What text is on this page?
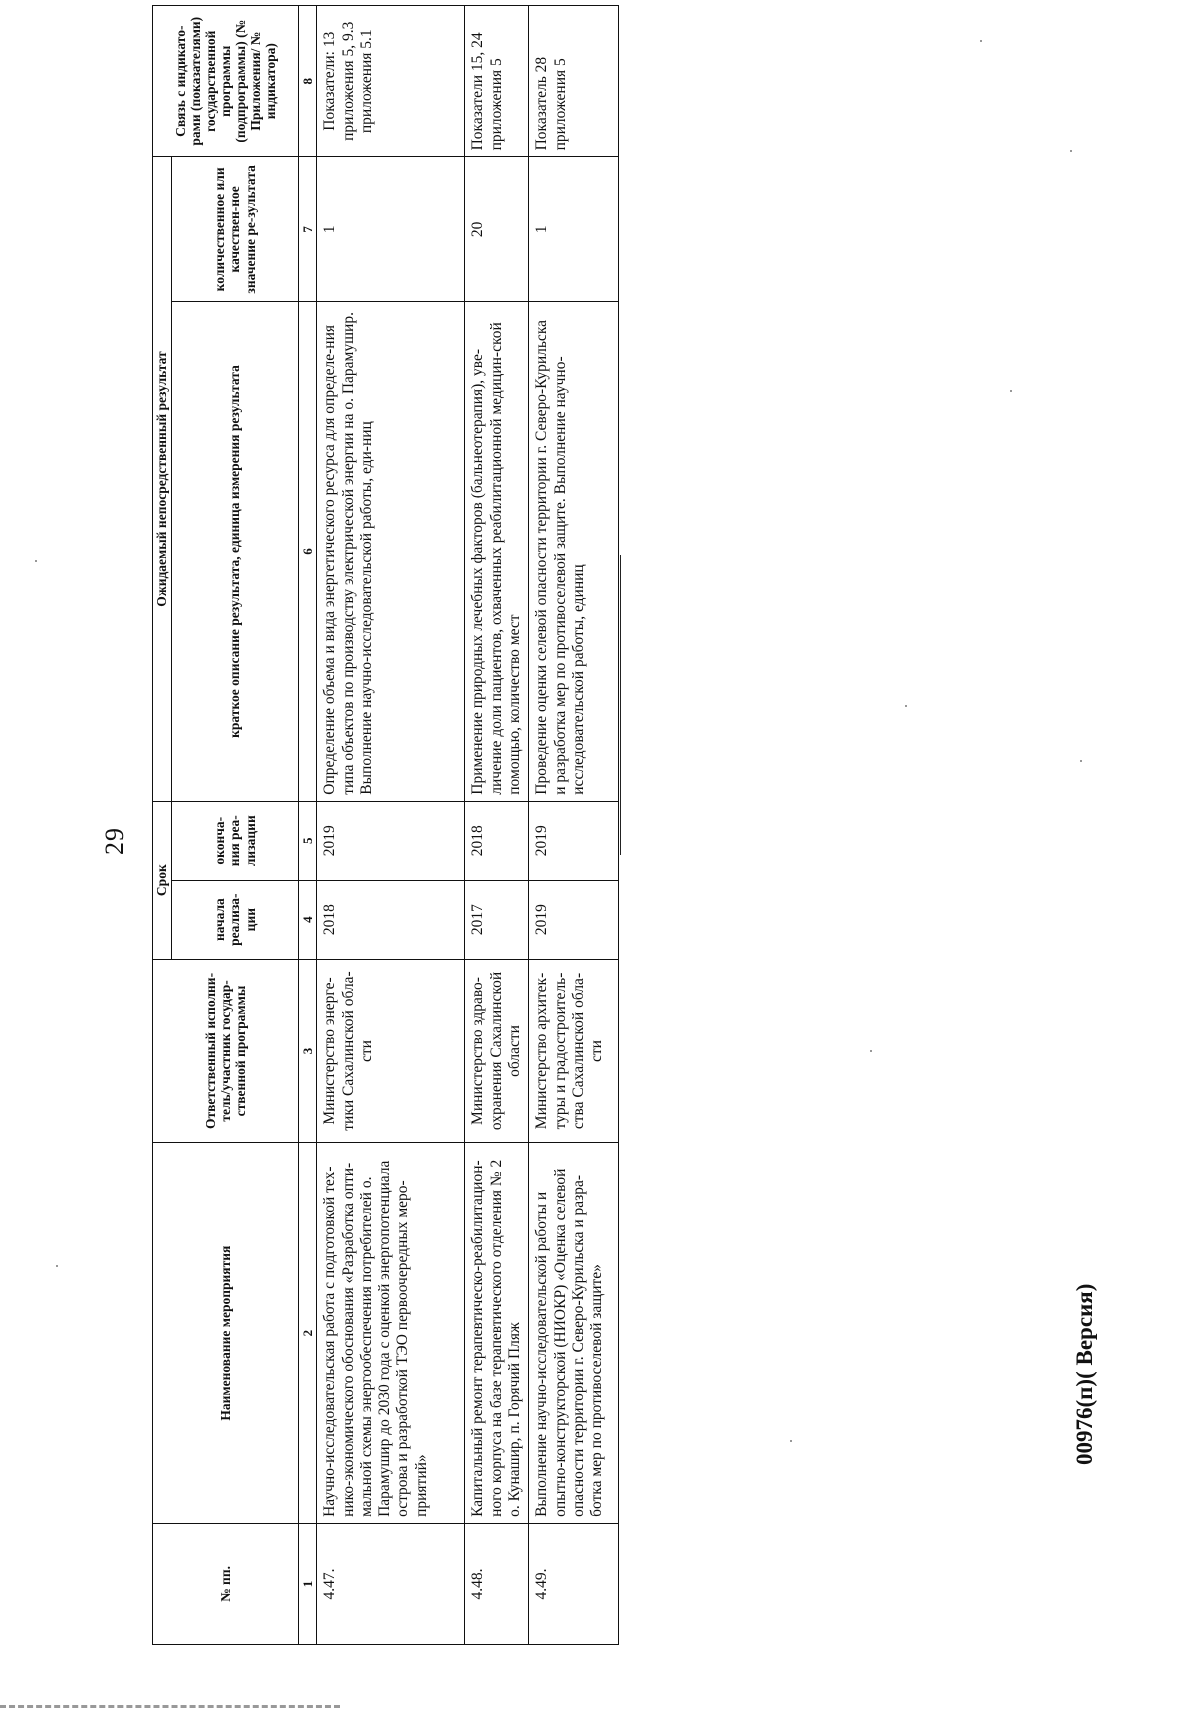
29
№ пп.	Наименование мероприятия	Ответственный исполни-тель/участник государ-ственной программы	Срок		Ожидаемый непосредственный результат		Связь с индикато-рами (показателями) государственной программы (подпрограммы) (№ Приложения/ № индикатора)
			начала реализа-ции	оконча-ния реа-лизации	краткое описание результата, единица измерения результата	количественное или качествен-ное значение ре-зультата	
1	2	3	4	5	6	7	8
4.47.	Научно-исследовательская работа с подготовкой тех-нико-экономического обоснования «Разработка опти-мальной схемы энергообеспечения потребителей о. Парамушир до 2030 года с оценкой энергопотенциала острова и разработкой ТЭО первоочередных меро-приятий»	Министерство энерге-тики Сахалинской обла-сти	2018	2019	Определение объема и вида энергетического ресурса для определе-ния типа объектов по производству электрической энергии на о. Парамушир. Выполнение научно-исследовательской работы, еди-ниц	1	Показатели: 13 приложения 5, 9.3 приложения 5.1
4.48.	Капитальный ремонт терапевтическо-реабилитацион-ного корпуса на базе терапевтического отделения № 2 о. Кунашир, п. Горячий Пляж	Министерство здраво-охранения Сахалинской области	2017	2018	Применение природных лечебных факторов (бальнеотерапия), уве-личение доли пациентов, охваченных реабилитационной медицин-ской помощью, количество мест	20	Показатели 15, 24 приложения 5
4.49.	Выполнение научно-исследовательской работы и опытно-конструкторской (НИОКР) «Оценка селевой опасности территории г. Северо-Курильска и разра-ботка мер по противоселевой защите»	Министерство архитек-туры и градостроитель-ства Сахалинской обла-сти	2019	2019	Проведение оценки селевой опасности территории г. Северо-Курильска и разработка мер по противоселевой защите. Выполнение научно-исследовательской работы, единиц	1	Показатель 28 приложения 5
00976(п)( Версия)
